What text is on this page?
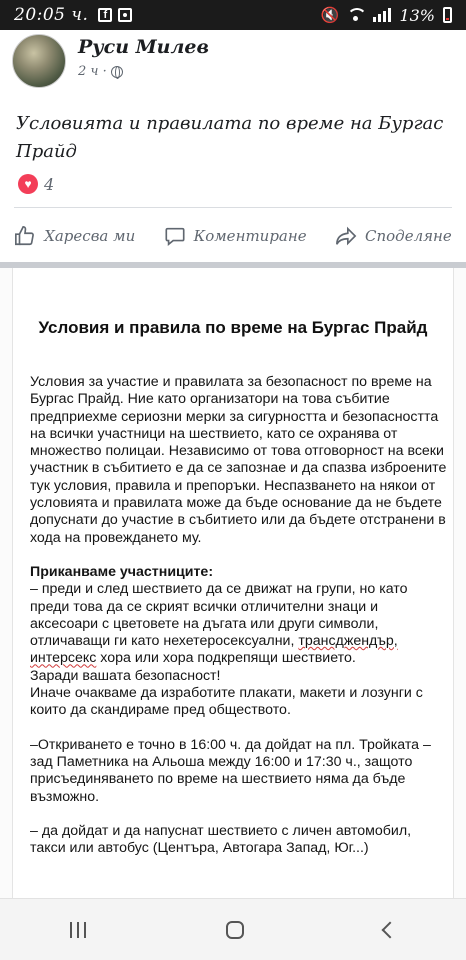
20:05 ч.	f	🔇	13%
Руси Милев
2 ч ·
Условията и правилата по време на Бургас Прайд
♥ 4
Харесва ми	Коментиране	Споделяне
Условия и правила по време на Бургас Прайд

Условия за участие и правилата за безопасност по време на Бургас Прайд. Ние като организатори на това събитие предприехме сериозни мерки за сигурността и безопасността на всички участници на шествието, като се охранява от множество полицаи. Независимо от това отговорност на всеки участник в събитието е да се запознае и да спазва изброените тук условия, правила и препоръки. Неспазването на някои от условията и правилата може да бъде основание да не бъдете допуснати до участие в събитието или да бъдете отстранени в хода на провеждането му.

Приканваме участниците:
– преди и след шествието да се движат на групи, но като преди това да се скрият всички отличителни знаци и аксесоари с цветовете на дъгата или други символи, отличаващи ги като нехетеросексуални, трансджендър, интерсекс хора или хора подкрепящи шествието.
Заради вашата безопасност!
Иначе очакваме да изработите плакати, макети и лозунги с които да скандираме пред обществото.

–Откриването е точно в 16:00 ч. да дойдат на пл. Тройката – зад Паметника на Альоша между 16:00 и 17:30 ч., защото присъединяването по време на шествието няма да бъде възможно.

– да дойдат и да напуснат шествието с личен автомобил, такси или автобус (Центъра, Автогара Запад, Юг...)
